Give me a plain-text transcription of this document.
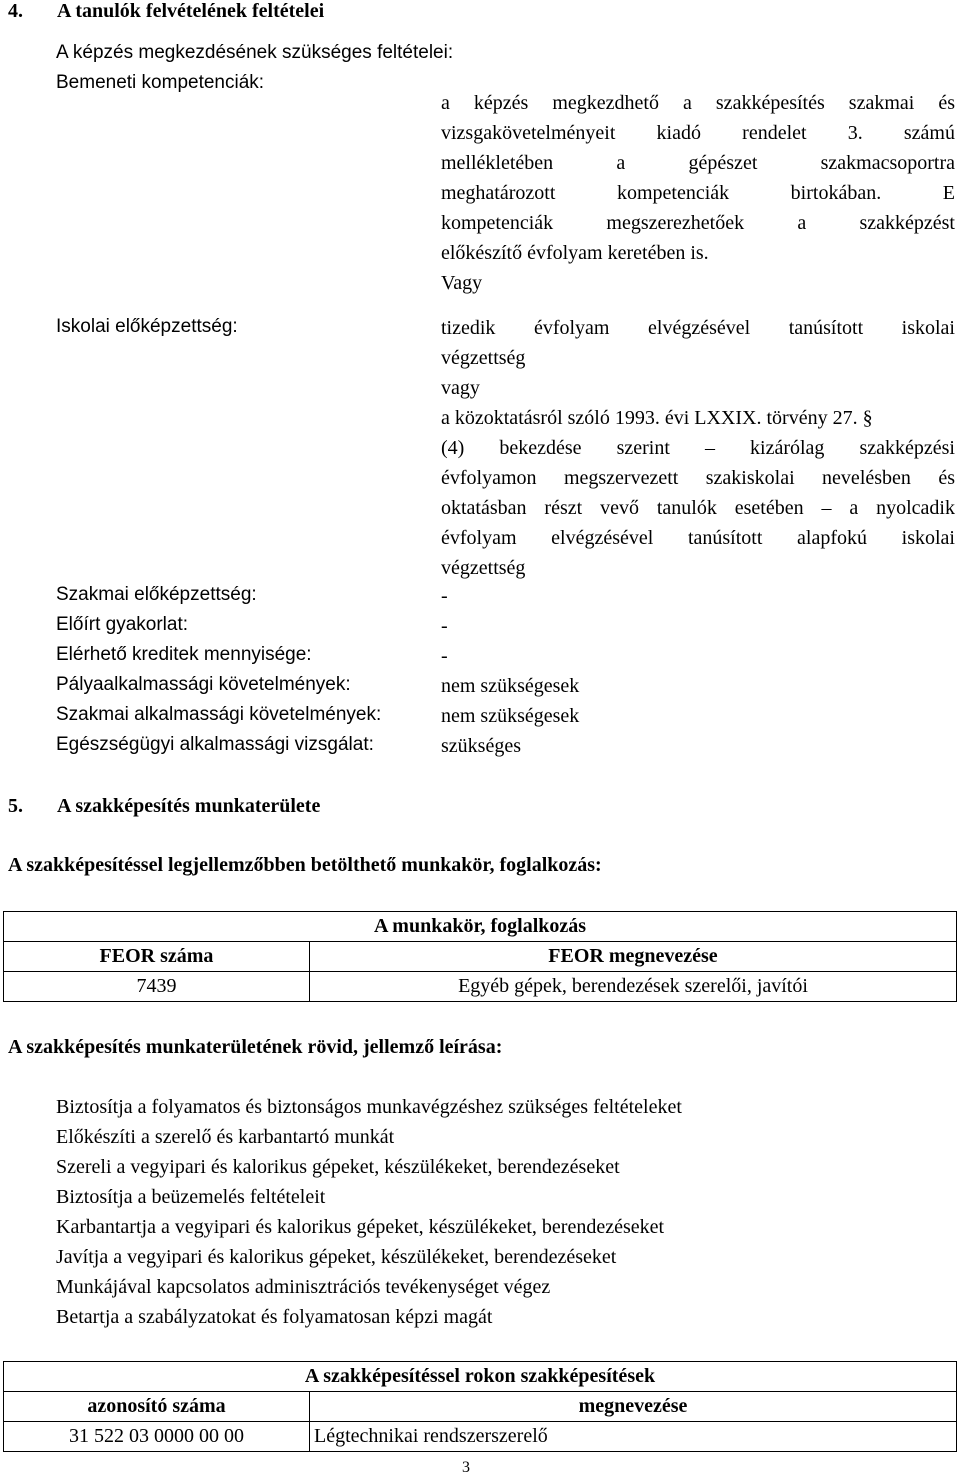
4. A tanulók felvételének feltételei
A képzés megkezdésének szükséges feltételei:
Bemeneti kompetenciák:
a képzés megkezdhető a szakképesítés szakmai és
vizsgakövetelményeit kiadó rendelet 3. számú
mellékletében a gépészet szakmacsoportra
meghatározott kompetenciák birtokában. E
kompetenciák megszerezhetőek a szakképzést
előkészítő évfolyam keretében is.
Vagy
Iskolai előképzettség:	tizedik évfolyam elvégzésével tanúsított iskolai
végzettség
vagy
a közoktatásról szóló 1993. évi LXXIX. törvény 27. §
(4) bekezdése szerint – kizárólag szakképzési
évfolyamon megszervezett szakiskolai nevelésben és
oktatásban részt vevő tanulók esetében – a nyolcadik
évfolyam elvégzésével tanúsított alapfokú iskolai
végzettség
Szakmai előképzettség:	-
Előírt gyakorlat:	-
Elérhető kreditek mennyisége:	-
Pályaalkalmassági követelmények:	nem szükségesek
Szakmai alkalmassági követelmények:	nem szükségesek
Egészségügyi alkalmassági vizsgálat:	szükséges
5. A szakképesítés munkaterülete
A szakképesítéssel legjellemzőbben betölthető munkakör, foglalkozás:
A munkakör, foglalkozás	
FEOR száma	FEOR megnevezése
7439	Egyéb gépek, berendezések szerelői, javítói
A szakképesítés munkaterületének rövid, jellemző leírása:
Biztosítja a folyamatos és biztonságos munkavégzéshez szükséges feltételeket
Előkészíti a szerelő és karbantartó munkát
Szereli a vegyipari és kalorikus gépeket, készülékeket, berendezéseket
Biztosítja a beüzemelés feltételeit
Karbantartja a vegyipari és kalorikus gépeket, készülékeket, berendezéseket
Javítja a vegyipari és kalorikus gépeket, készülékeket, berendezéseket
Munkájával kapcsolatos adminisztrációs tevékenységet végez
Betartja a szabályzatokat és folyamatosan képzi magát
A szakképesítéssel rokon szakképesítések	
azonosító száma	megnevezése
31 522 03 0000 00 00	Légtechnikai rendszerszerelő
3
